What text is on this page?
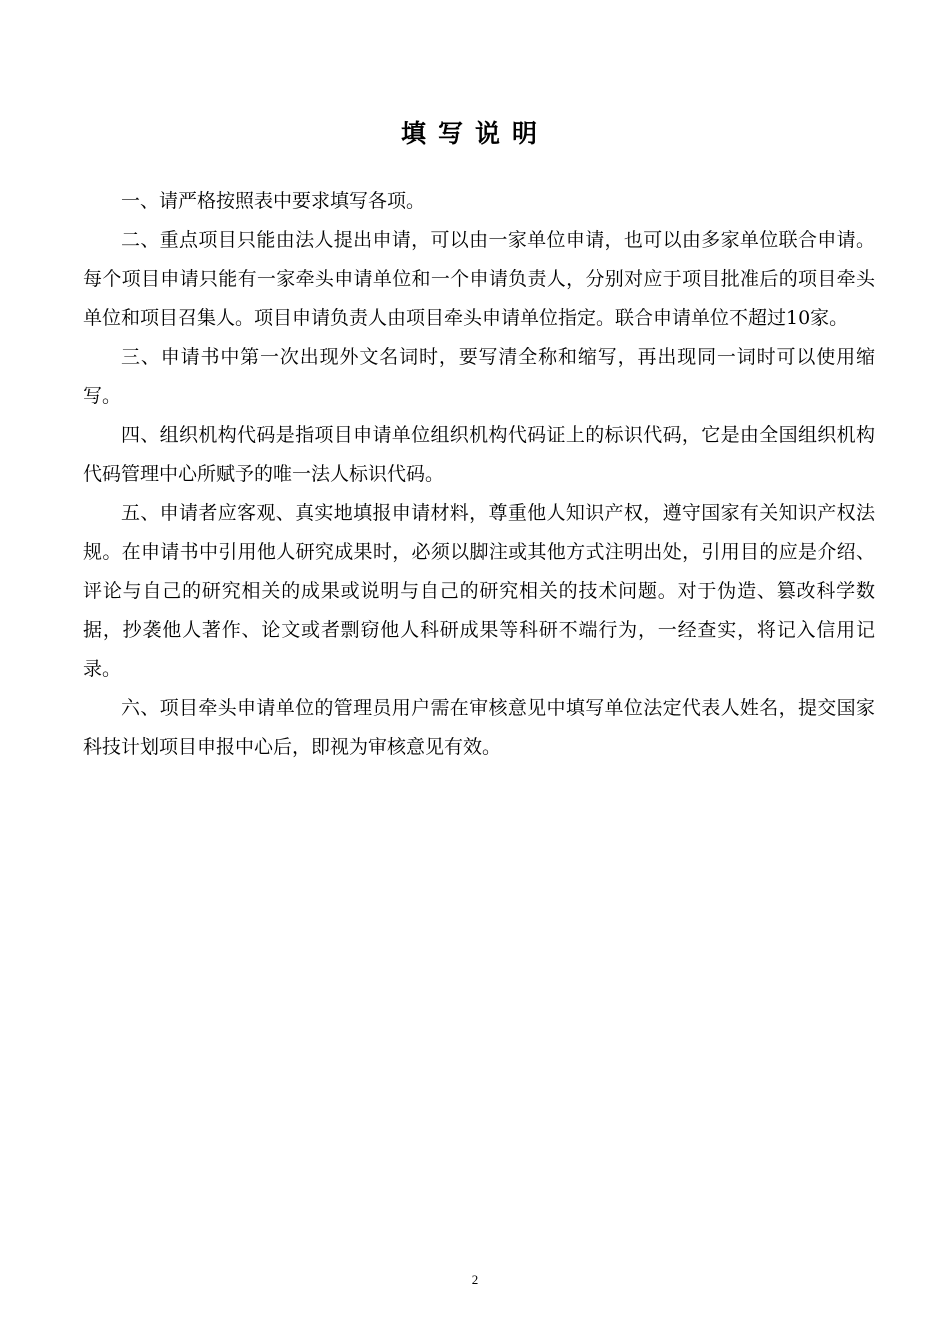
填写说明

一、请严格按照表中要求填写各项。

二、重点项目只能由法人提出申请，可以由一家单位申请，也可以由多家单位联合申请。每个项目申请只能有一家牵头申请单位和一个申请负责人，分别对应于项目批准后的项目牵头单位和项目召集人。项目申请负责人由项目牵头申请单位指定。联合申请单位不超过10家。

三、申请书中第一次出现外文名词时，要写清全称和缩写，再出现同一词时可以使用缩写。

四、组织机构代码是指项目申请单位组织机构代码证上的标识代码，它是由全国组织机构代码管理中心所赋予的唯一法人标识代码。

五、申请者应客观、真实地填报申请材料，尊重他人知识产权，遵守国家有关知识产权法规。在申请书中引用他人研究成果时，必须以脚注或其他方式注明出处，引用目的应是介绍、评论与自己的研究相关的成果或说明与自己的研究相关的技术问题。对于伪造、篡改科学数据，抄袭他人著作、论文或者剽窃他人科研成果等科研不端行为，一经查实，将记入信用记录。

六、项目牵头申请单位的管理员用户需在审核意见中填写单位法定代表人姓名，提交国家科技计划项目申报中心后，即视为审核意见有效。

2
